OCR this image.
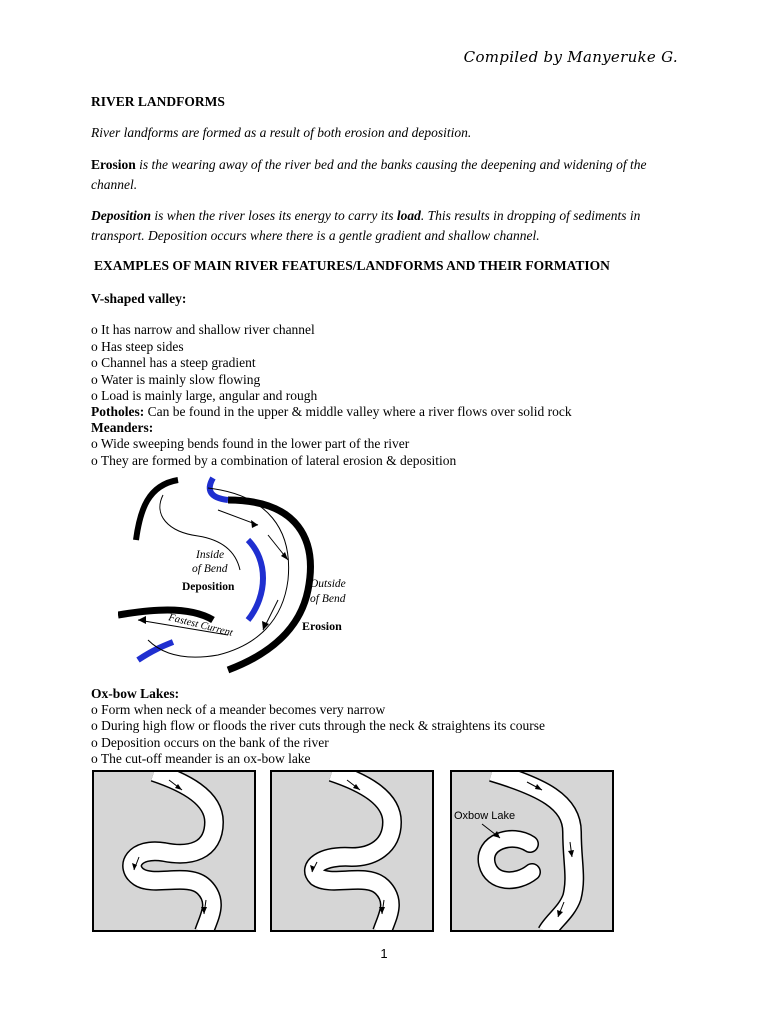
Compiled by Manyeruke G.
RIVER LANDFORMS
River landforms are formed as a result of both erosion and deposition.
Erosion is the wearing away of the river bed and the banks causing the deepening and widening of the channel.
Deposition is when the river loses its energy to carry its load. This results in dropping of sediments in transport. Deposition occurs where there is a gentle gradient and shallow channel.
EXAMPLES OF MAIN RIVER FEATURES/LANDFORMS AND THEIR FORMATION
V-shaped valley:
o It has narrow and shallow river channel
o Has steep sides
o Channel has a steep gradient
o Water is mainly slow flowing
o Load is mainly large, angular and rough
Potholes: Can be found in the upper & middle valley where a river flows over solid rock
Meanders:
o Wide sweeping bends found in the lower part of the river
o They are formed by a combination of lateral erosion & deposition
Inside
of Bend
Deposition	Outside
of Bend
Erosion
Fastest Current
Ox-bow Lakes:
o Form when neck of a meander becomes very narrow
o During high flow or floods the river cuts through the neck & straightens its course
o Deposition occurs on the bank of the river
o The cut-off meander is an ox-bow lake
Oxbow Lake
1
